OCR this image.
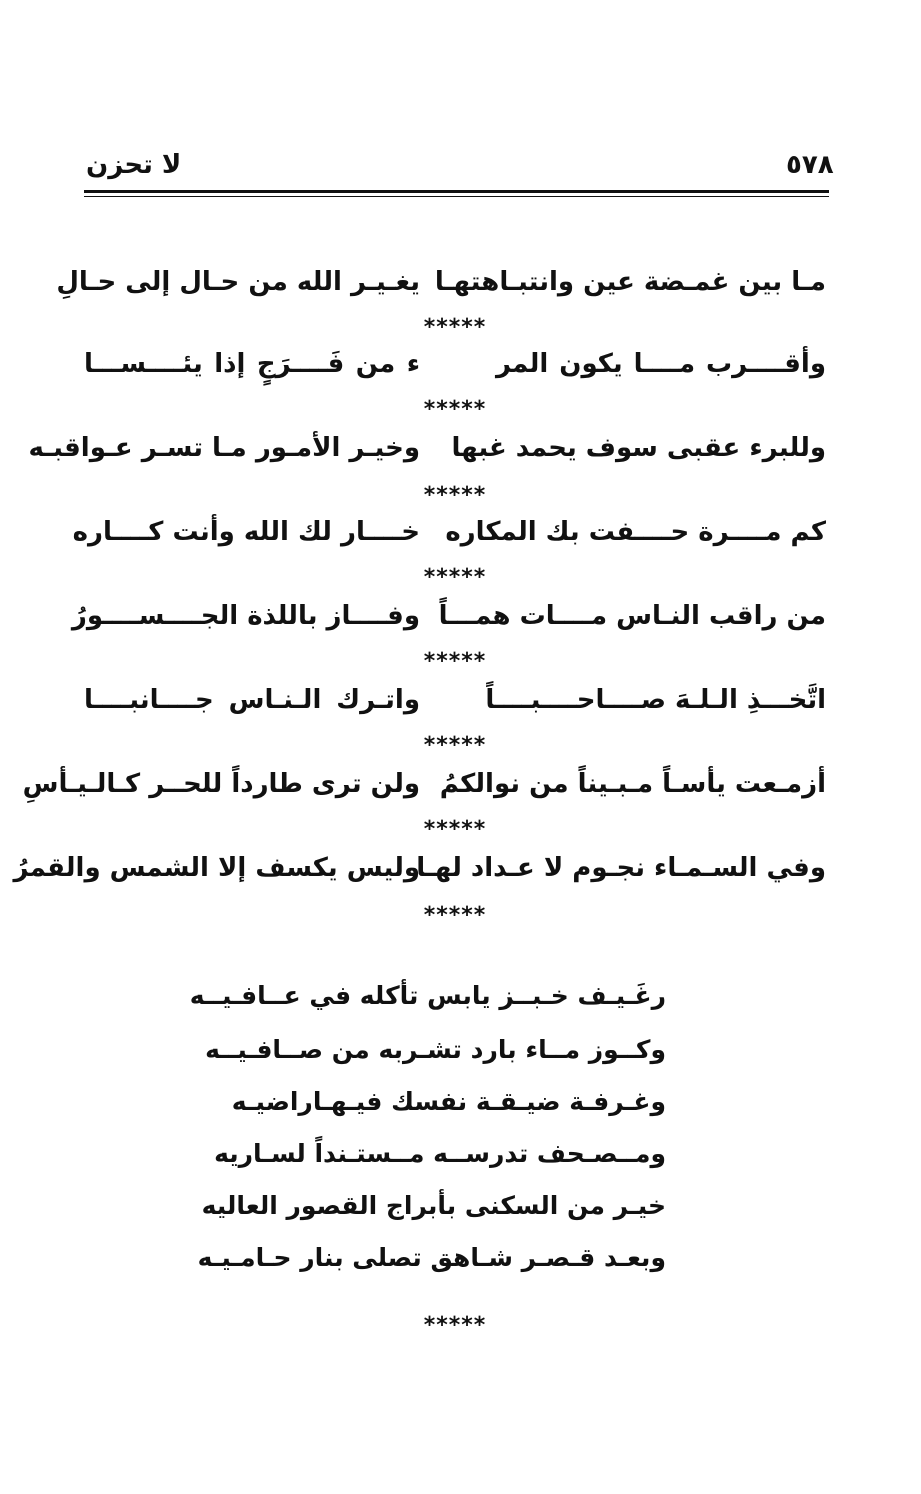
٥٧٨
لا تحزن
مـا بين غمـضة عين وانتبـاهتهـا
يغـيـر الله من حـال إلى حـالِ
*****
وأقــــرب مــــا يكون المر
ء من فَــــرَجٍ إذا يئــــســـا
*****
وللبرء عقبى سوف يحمد غبها
وخيـر الأمـور مـا تسـر عـواقبـه
*****
كم مــــرة حــــفت بك المكاره
خــــار لك الله وأنت كــــاره
*****
من راقب النـاس مــــات همـــاً
وفــــاز باللذة الجــــســــورُ
*****
اتَّخـــذِ الـلـهَ صــــاحــــبــــاً
واتـرك الـنـاس جــــانبــــا
*****
أزمـعت يأسـاً مـبـيناً من نوالكمُ
ولن ترى طارداً للحــر كـالـيـأسِ
*****
وفي السـمـاء نجـوم لا عـداد لهـا
وليس يكسف إلا الشمس والقمرُ
*****
رغَـيـف خـبــز يابس تأكله في عــافـيــه
وكــوز مــاء بارد تشـربه من صــافـيــه
وغـرفـة ضيـقـة نفسك فيـهـاراضيـه
ومــصـحف تدرســه مــستـنداً لسـاريه
خيـر من السكنى بأبراج القصور العاليه
وبعـد قـصـر شـاهق تصلى بنار حـامـيـه
*****
